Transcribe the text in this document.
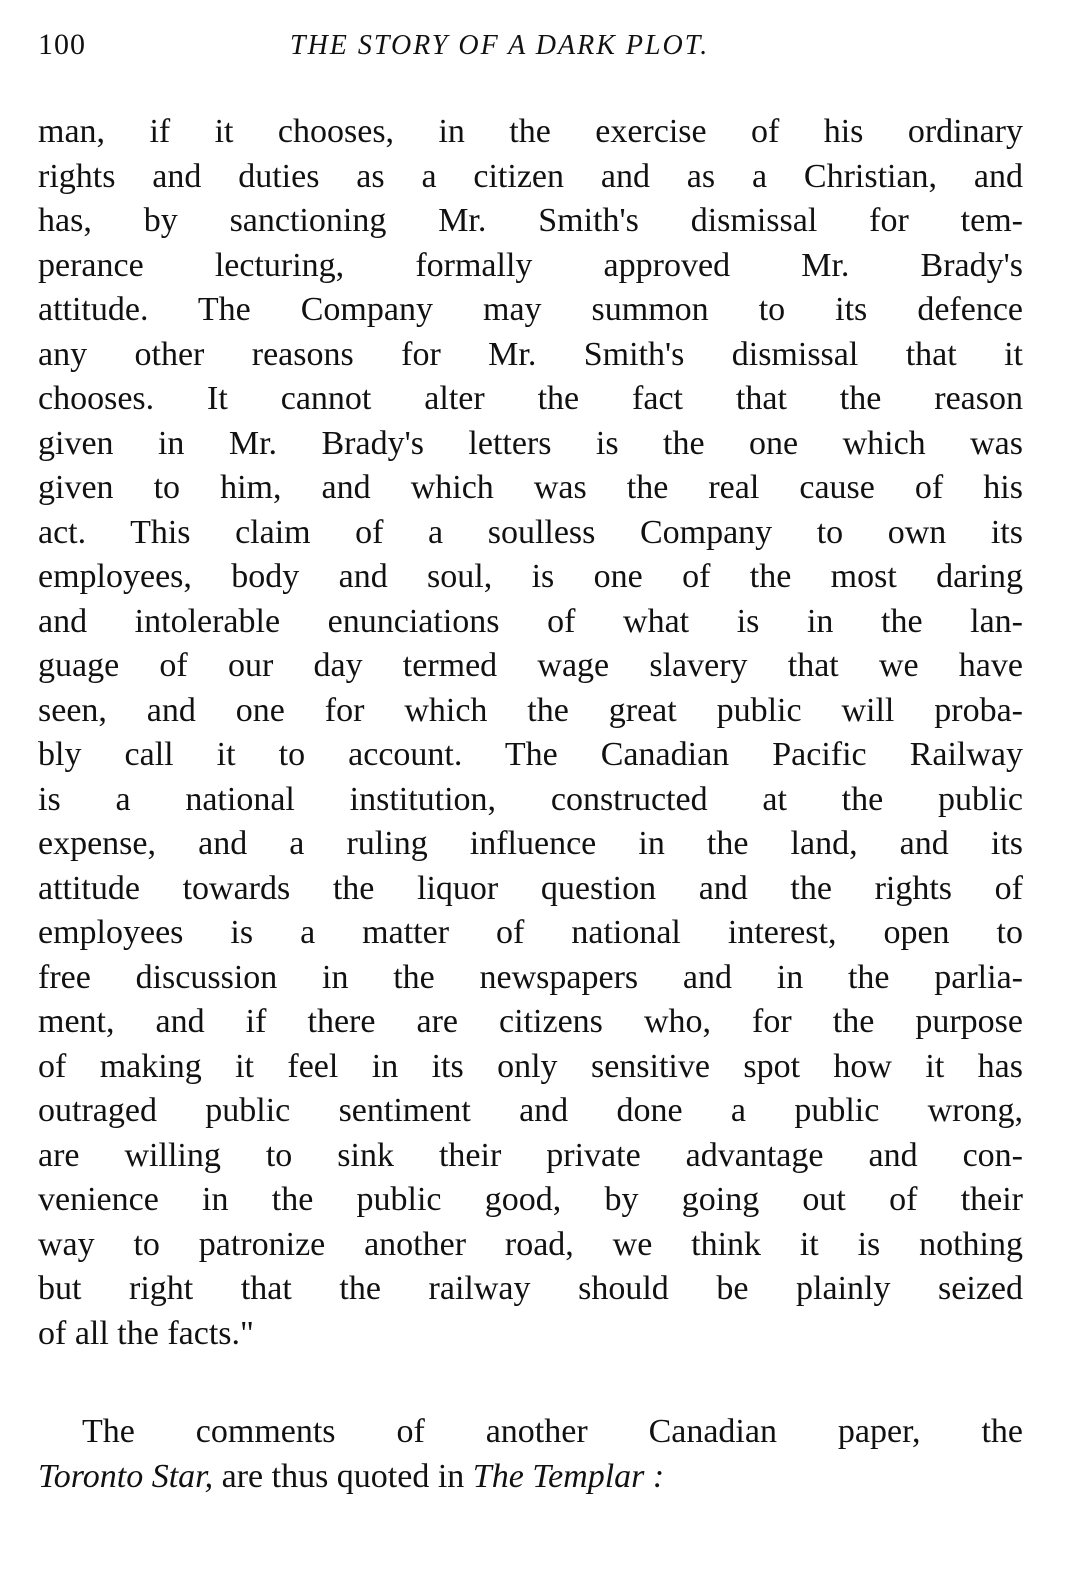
100	THE STORY OF A DARK PLOT.
man, if it chooses, in the exercise of his ordinary
rights and duties as a citizen and as a Christian, and
has, by sanctioning Mr. Smith's dismissal for tem-
perance lecturing, formally approved Mr. Brady's
attitude. The Company may summon to its defence
any other reasons for Mr. Smith's dismissal that it
chooses. It cannot alter the fact that the reason
given in Mr. Brady's letters is the one which was
given to him, and which was the real cause of his
act. This claim of a soulless Company to own its
employees, body and soul, is one of the most daring
and intolerable enunciations of what is in the lan-
guage of our day termed wage slavery that we have
seen, and one for which the great public will proba-
bly call it to account. The Canadian Pacific Railway
is a national institution, constructed at the public
expense, and a ruling influence in the land, and its
attitude towards the liquor question and the rights of
employees is a matter of national interest, open to
free discussion in the newspapers and in the parlia-
ment, and if there are citizens who, for the purpose
of making it feel in its only sensitive spot how it has
outraged public sentiment and done a public wrong,
are willing to sink their private advantage and con-
venience in the public good, by going out of their
way to patronize another road, we think it is nothing
but right that the railway should be plainly seized
of all the facts."
The comments of another Canadian paper, the
Toronto Star, are thus quoted in The Templar :
